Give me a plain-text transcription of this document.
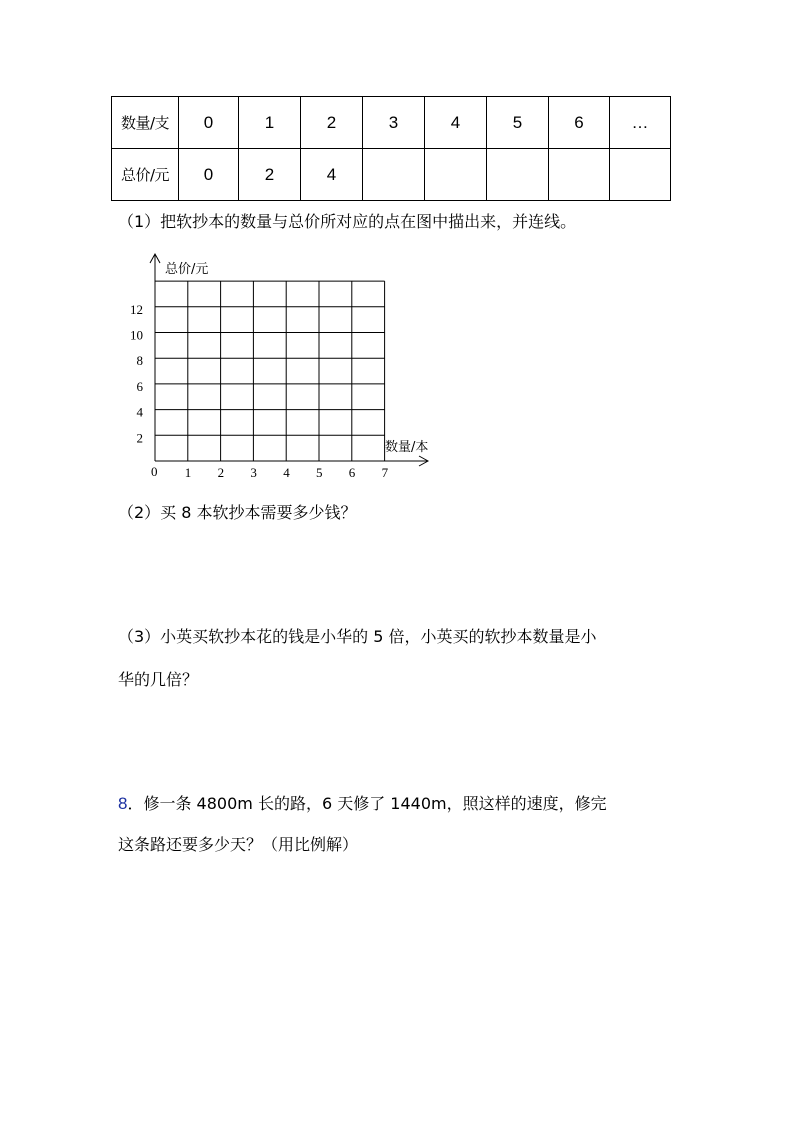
数量/支	0	1	2	3	4	5	6	…
总价/元	0	2	4					
（1）把软抄本的数量与总价所对应的点在图中描出来，并连线。
总价/元
数量/本
0 1 2 3 4 5 6 7
2
4
6
8
10
12
（2）买 8 本软抄本需要多少钱？
（3）小英买软抄本花的钱是小华的 5 倍，小英买的软抄本数量是小
华的几倍？
8．修一条 4800m 长的路，6 天修了 1440m，照这样的速度，修完
这条路还要多少天？（用比例解）
